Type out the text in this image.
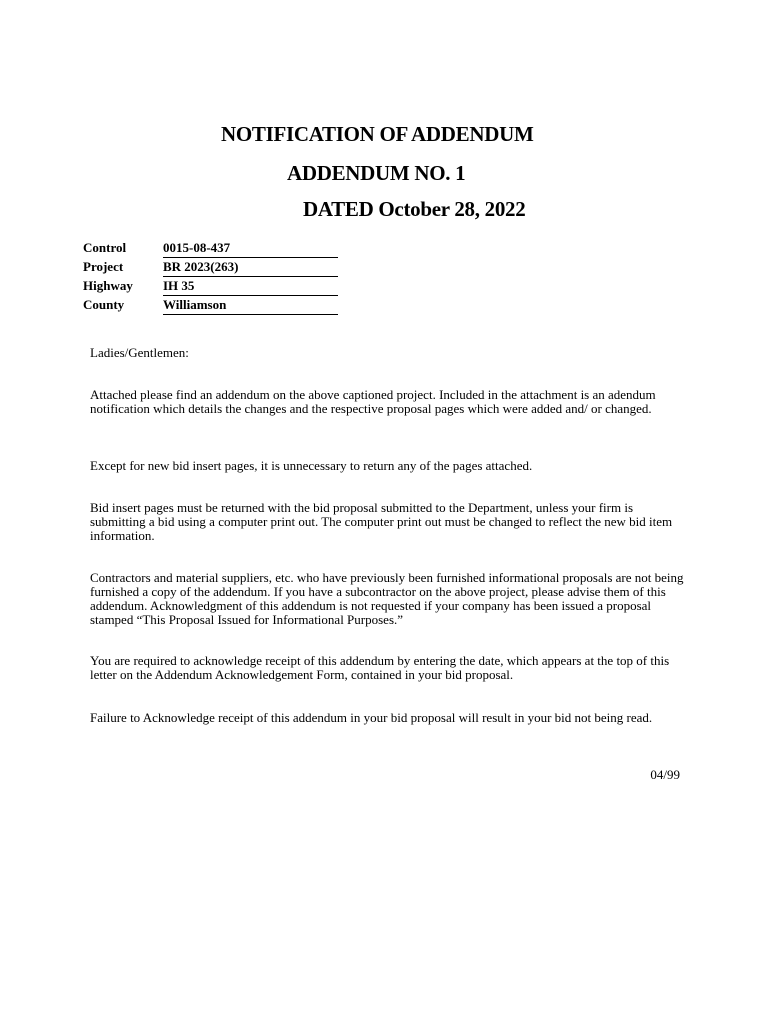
NOTIFICATION OF ADDENDUM
ADDENDUM NO. 1
DATED October 28, 2022
Control	0015-08-437
Project	BR 2023(263)
Highway IH 35
County	Williamson

Ladies/Gentlemen:

Attached please find an addendum on the above captioned project. Included in the attachment is an adendum notification which details the changes and the respective proposal pages which were added and/ or changed.

Except for new bid insert pages, it is unnecessary to return any of the pages attached.

Bid insert pages must be returned with the bid proposal submitted to the Department, unless your firm is submitting a bid using a computer print out. The computer print out must be changed to reflect the new bid item information.

Contractors and material suppliers, etc. who have previously been furnished informational proposals are not being furnished a copy of the addendum. If you have a subcontractor on the above project, please advise them of this addendum. Acknowledgment of this addendum is not requested if your company has been issued a proposal stamped “This Proposal Issued for Informational Purposes.”

You are required to acknowledge receipt of this addendum by entering the date, which appears at the top of this letter on the Addendum Acknowledgement Form, contained in your bid proposal.

Failure to Acknowledge receipt of this addendum in your bid proposal will result in your bid not being read.

04/99
